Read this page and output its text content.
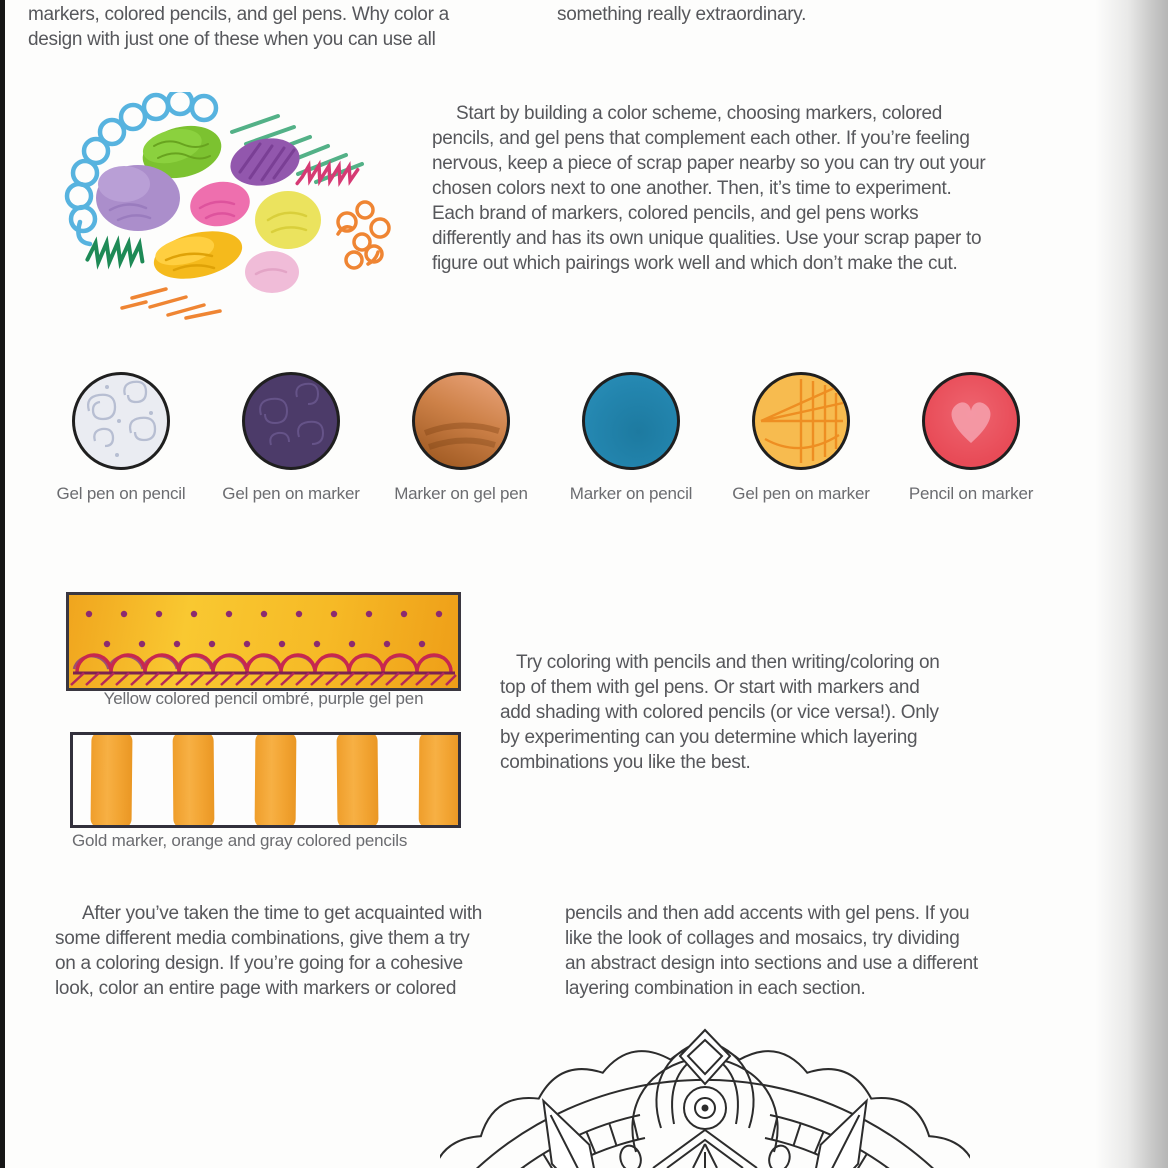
markers, colored pencils, and gel pens. Why color a
design with just one of these when you can use all
something really extraordinary.
Start by building a color scheme, choosing markers, colored
pencils, and gel pens that complement each other. If you’re feeling
nervous, keep a piece of scrap paper nearby so you can try out your
chosen colors next to one another. Then, it’s time to experiment.
Each brand of markers, colored pencils, and gel pens works
differently and has its own unique qualities. Use your scrap paper to
figure out which pairings work well and which don’t make the cut.
Try coloring with pencils and then writing/coloring on
top of them with gel pens. Or start with markers and
add shading with colored pencils (or vice versa!). Only
by experimenting can you determine which layering
combinations you like the best.
After you’ve taken the time to get acquainted with
some different media combinations, give them a try
on a coloring design. If you’re going for a cohesive
look, color an entire page with markers or colored
pencils and then add accents with gel pens. If you
like the look of collages and mosaics, try dividing
an abstract design into sections and use a different
layering combination in each section.
Gel pen on pencil Gel pen on marker Marker on gel pen Marker on pencil Gel pen on marker Pencil on marker
Yellow colored pencil ombré, purple gel pen
Gold marker, orange and gray colored pencils
